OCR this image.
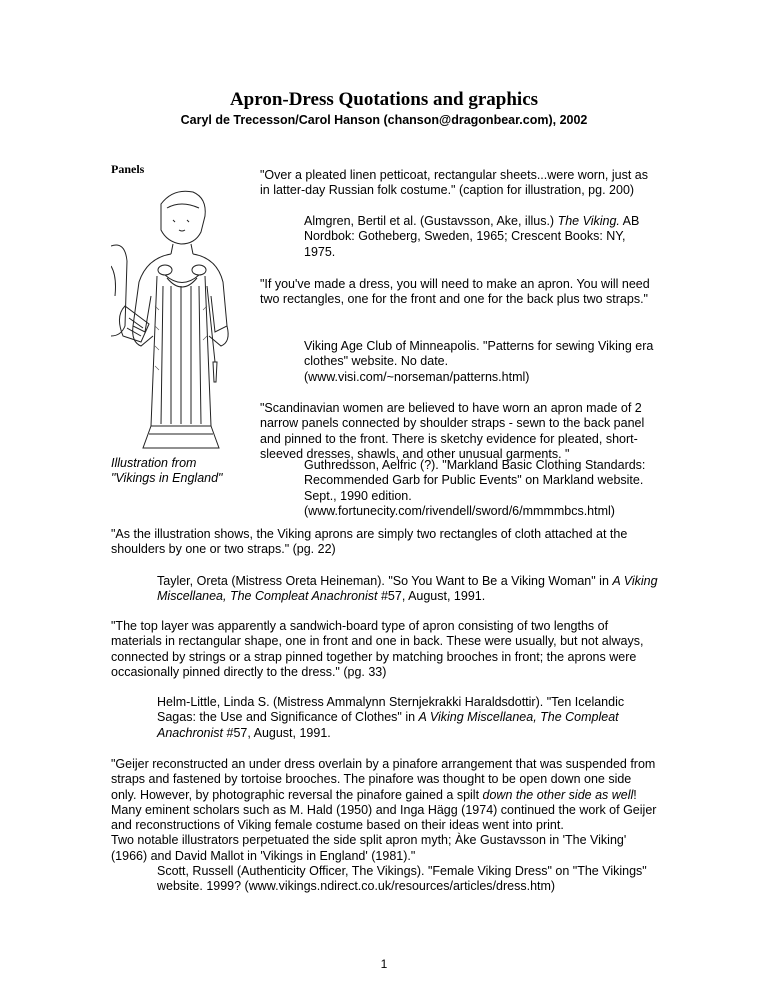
Apron-Dress Quotations and graphics
Caryl de Trecesson/Carol Hanson (chanson@dragonbear.com), 2002
Panels
Illustration from
"Vikings in England"
"Over a pleated linen petticoat, rectangular sheets...were worn, just as in latter-day Russian folk costume." (caption for illustration, pg. 200)
Almgren, Bertil et al. (Gustavsson, Ake, illus.) The Viking. AB Nordbok: Gotheberg, Sweden, 1965; Crescent Books: NY, 1975.
"If you've made a dress, you will need to make an apron. You will need two rectangles, one for the front and one for the back plus two straps."
Viking Age Club of Minneapolis. "Patterns for sewing Viking era clothes" website. No date. (www.visi.com/~norseman/patterns.html)
"Scandinavian women are believed to have worn an apron made of 2 narrow panels connected by shoulder straps - sewn to the back panel and pinned to the front. There is sketchy evidence for pleated, short-sleeved dresses, shawls, and other unusual garments. "
Guthredsson, Aelfric (?). "Markland Basic Clothing Standards: Recommended Garb for Public Events" on Markland website. Sept., 1990 edition. (www.fortunecity.com/rivendell/sword/6/mmmmbcs.html)
"As the illustration shows, the Viking aprons are simply two rectangles of cloth attached at the shoulders by one or two straps." (pg. 22)
Tayler, Oreta (Mistress Oreta Heineman). "So You Want to Be a Viking Woman" in A Viking Miscellanea, The Compleat Anachronist #57, August, 1991.
"The top layer was apparently a sandwich-board type of apron consisting of two lengths of materials in rectangular shape, one in front and one in back. These were usually, but not always, connected by strings or a strap pinned together by matching brooches in front; the aprons were occasionally pinned directly to the dress." (pg. 33)
Helm-Little, Linda S. (Mistress Ammalynn Sternjekrakki Haraldsdottir). "Ten Icelandic Sagas: the Use and Significance of Clothes" in A Viking Miscellanea, The Compleat Anachronist #57, August, 1991.
"Geijer reconstructed an under dress overlain by a pinafore arrangement that was suspended from straps and fastened by tortoise brooches. The pinafore was thought to be open down one side only. However, by photographic reversal the pinafore gained a spilt down the other side as well! Many eminent scholars such as M. Hald (1950) and Inga Hägg (1974) continued the work of Geijer and reconstructions of Viking female costume based on their ideas went into print.
Two notable illustrators perpetuated the side split apron myth; Àke Gustavsson in 'The Viking' (1966) and David Mallot in 'Vikings in England' (1981)."
Scott, Russell (Authenticity Officer, The Vikings). "Female Viking Dress" on "The Vikings" website. 1999? (www.vikings.ndirect.co.uk/resources/articles/dress.htm)
1
